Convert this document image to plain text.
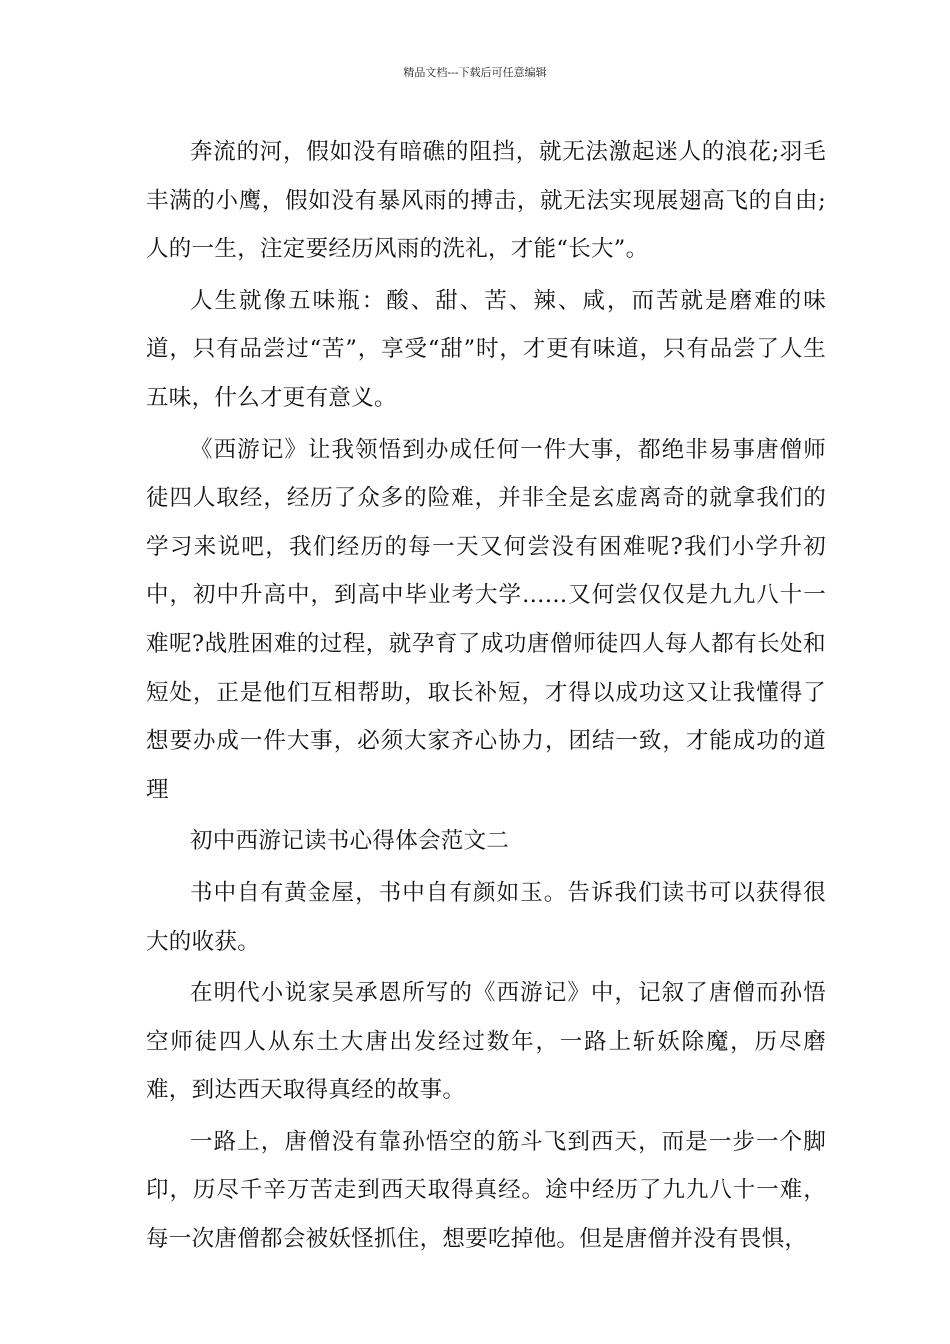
精品文档---下载后可任意编辑

奔流的河，假如没有暗礁的阻挡，就无法激起迷人的浪花;羽毛丰满的小鹰，假如没有暴风雨的搏击，就无法实现展翅高飞的自由;人的一生，注定要经历风雨的洗礼，才能“长大”。

人生就像五味瓶：酸、甜、苦、辣、咸，而苦就是磨难的味道，只有品尝过“苦”，享受“甜”时，才更有味道，只有品尝了人生五味，什么才更有意义。

《西游记》让我领悟到办成任何一件大事，都绝非易事唐僧师徒四人取经，经历了众多的险难，并非全是玄虚离奇的就拿我们的学习来说吧，我们经历的每一天又何尝没有困难呢?我们小学升初中，初中升高中，到高中毕业考大学……又何尝仅仅是九九八十一难呢?战胜困难的过程，就孕育了成功唐僧师徒四人每人都有长处和短处，正是他们互相帮助，取长补短，才得以成功这又让我懂得了想要办成一件大事，必须大家齐心协力，团结一致，才能成功的道理

初中西游记读书心得体会范文二

书中自有黄金屋，书中自有颜如玉。告诉我们读书可以获得很大的收获。

在明代小说家吴承恩所写的《西游记》中，记叙了唐僧而孙悟空师徒四人从东土大唐出发经过数年，一路上斩妖除魔，历尽磨难，到达西天取得真经的故事。

一路上，唐僧没有靠孙悟空的筋斗飞到西天，而是一步一个脚印，历尽千辛万苦走到西天取得真经。途中经历了九九八十一难，每一次唐僧都会被妖怪抓住，想要吃掉他。但是唐僧并没有畏惧，
